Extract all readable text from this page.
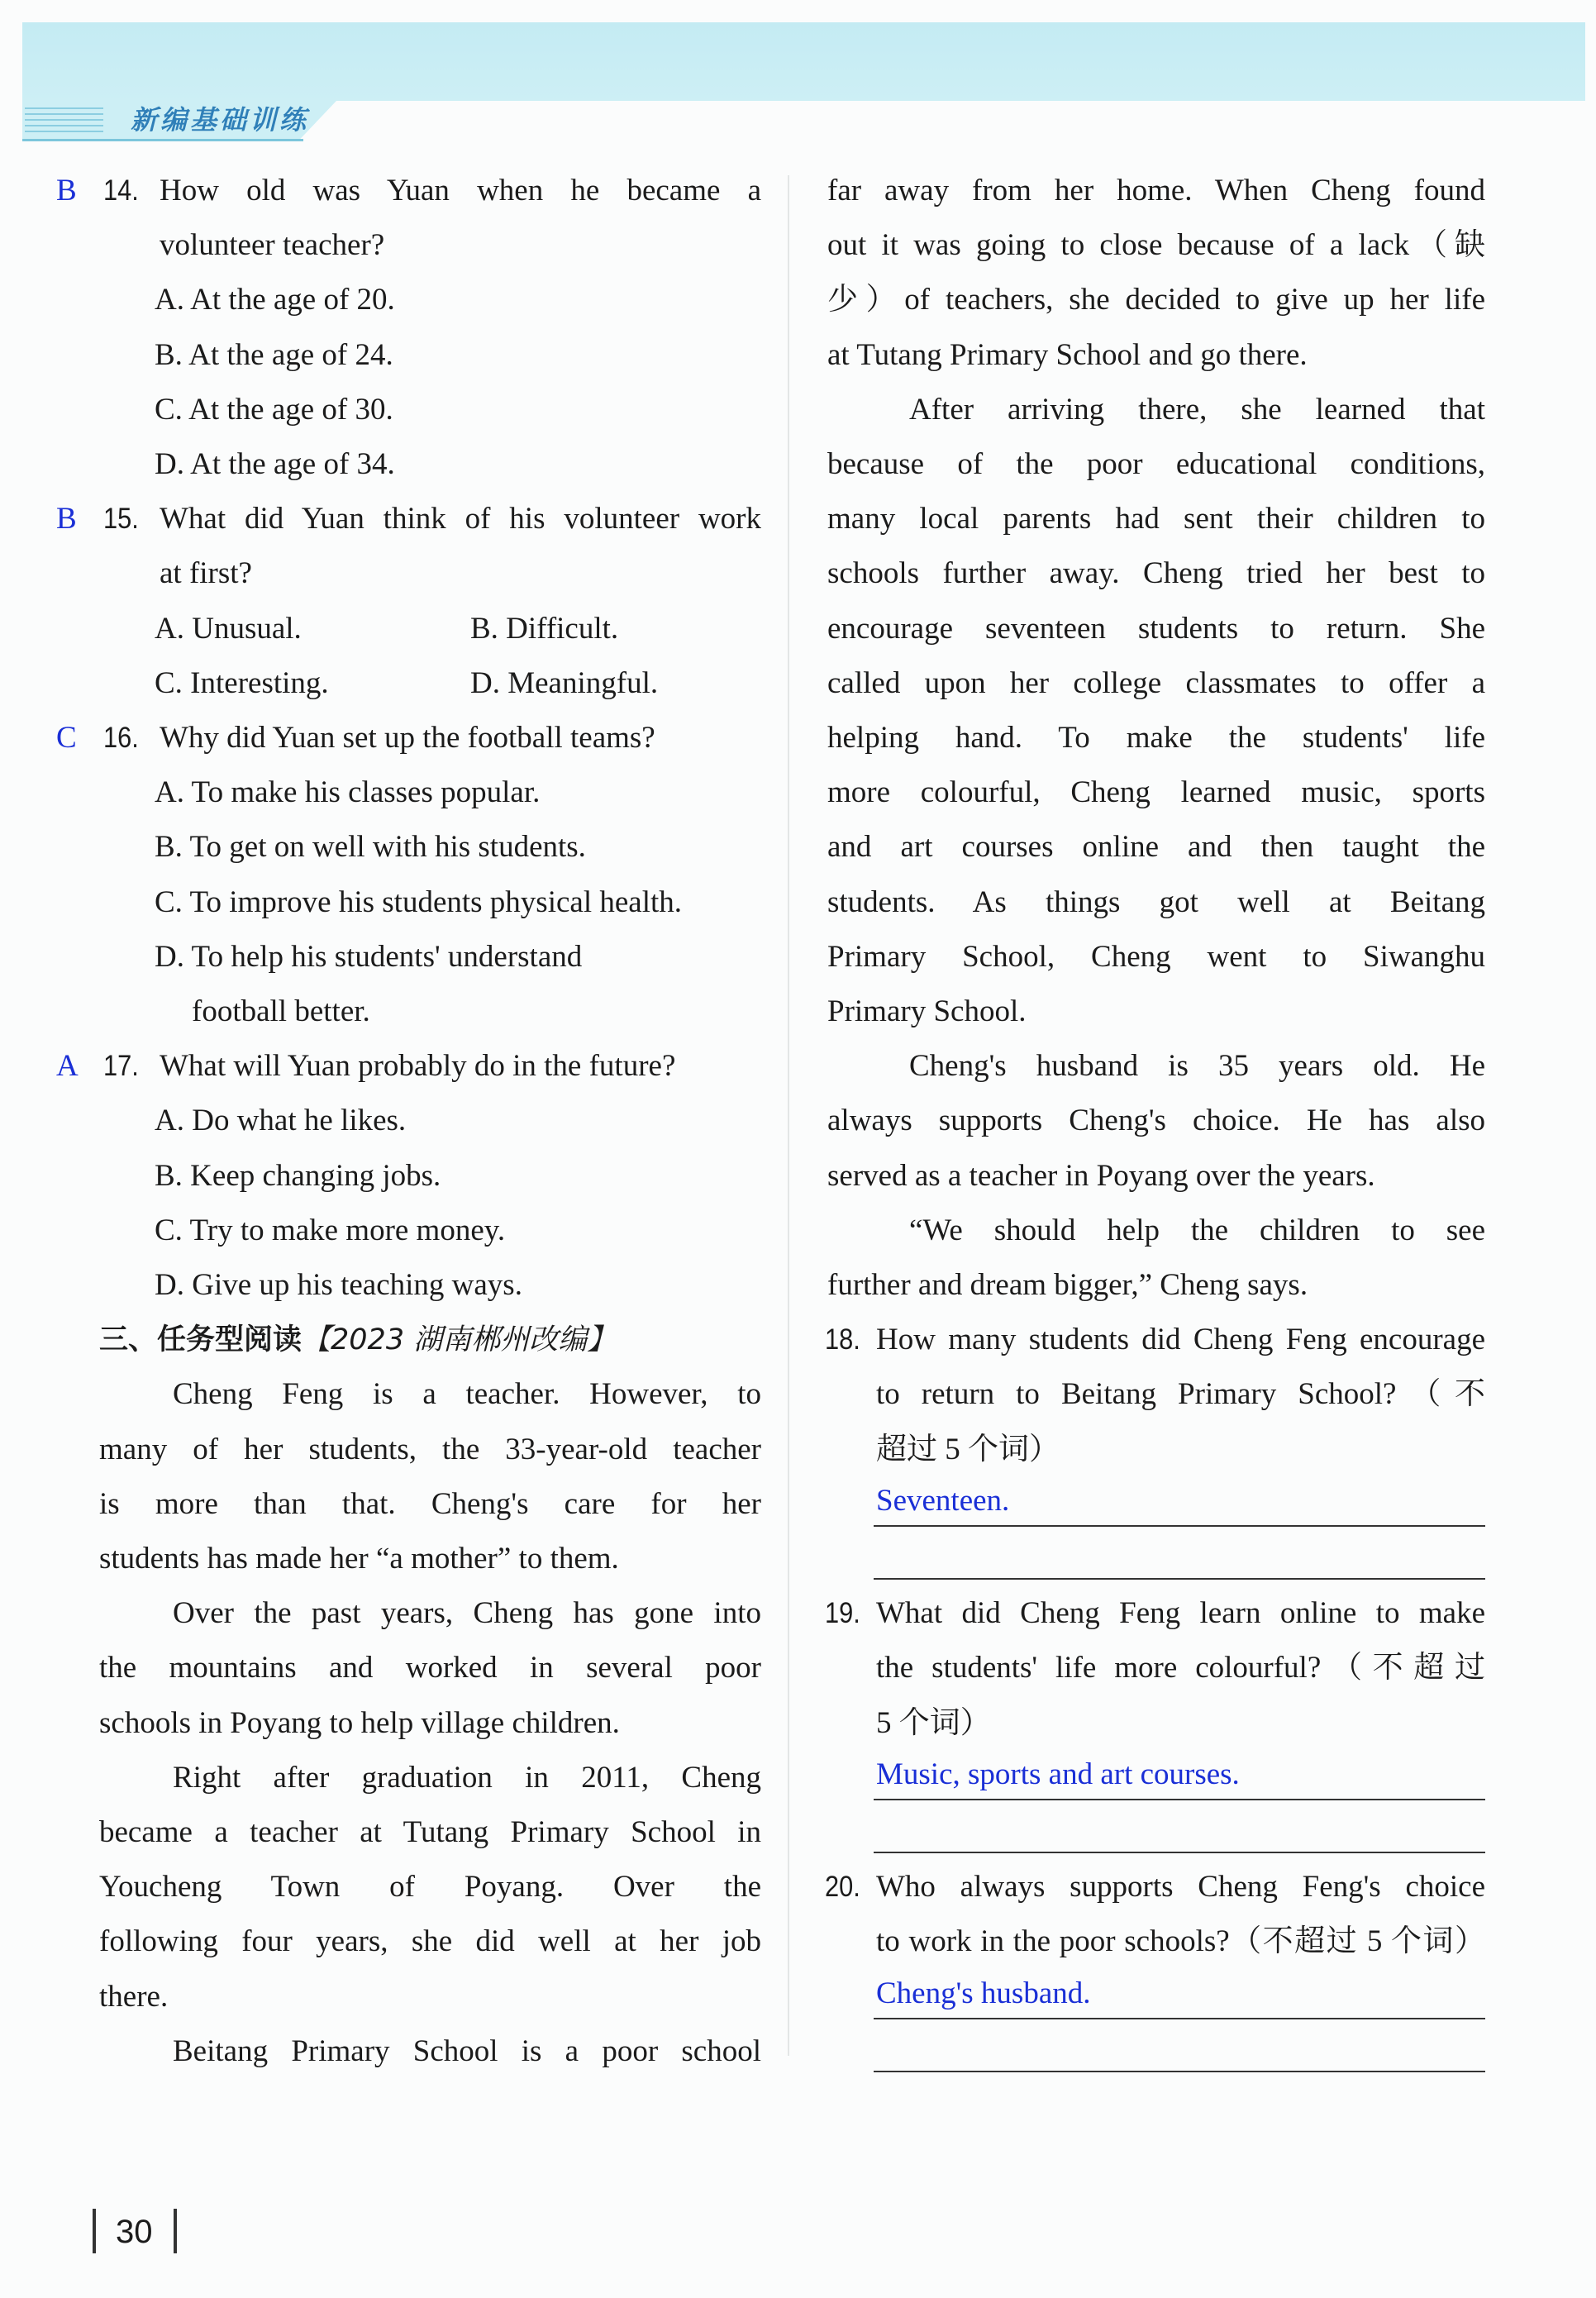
新编基础训练
30
B 14. How old was Yuan when he became a
volunteer teacher?
A. At the age of 20.
B. At the age of 24.
C. At the age of 30.
D. At the age of 34.
B 15. What did Yuan think of his volunteer work
at first?
A. Unusual.	B. Difficult.
C. Interesting.	D. Meaningful.
C 16. Why did Yuan set up the football teams?
A. To make his classes popular.
B. To get on well with his students.
C. To improve his students physical health.
D. To help his students' understand
football better.
A 17. What will Yuan probably do in the future?
A. Do what he likes.
B. Keep changing jobs.
C. Try to make more money.
D. Give up his teaching ways.
三、任务型阅读【2023 湖南郴州改编】
Cheng Feng is a teacher. However, to
many of her students, the 33-year-old teacher
is more than that. Cheng's care for her
students has made her “a mother” to them.
Over the past years, Cheng has gone into
the mountains and worked in several poor
schools in Poyang to help village children.
Right after graduation in 2011, Cheng
became a teacher at Tutang Primary School in
Youcheng Town of Poyang. Over the
following four years, she did well at her job
there.
Beitang Primary School is a poor school
far away from her home. When Cheng found
out it was going to close because of a lack（缺
少）of teachers, she decided to give up her life
at Tutang Primary School and go there.
After arriving there, she learned that
because of the poor educational conditions,
many local parents had sent their children to
schools further away. Cheng tried her best to
encourage seventeen students to return. She
called upon her college classmates to offer a
helping hand. To make the students' life
more colourful, Cheng learned music, sports
and art courses online and then taught the
students. As things got well at Beitang
Primary School, Cheng went to Siwanghu
Primary School.
Cheng's husband is 35 years old. He
always supports Cheng's choice. He has also
served as a teacher in Poyang over the years.
“We should help the children to see
further and dream bigger,” Cheng says.
18. How many students did Cheng Feng encourage
to return to Beitang Primary School?（不
超过 5 个词）
Seventeen.
19. What did Cheng Feng learn online to make
the students' life more colourful?（不超过
5 个词）
Music, sports and art courses.
20. Who always supports Cheng Feng's choice
to work in the poor schools?（不超过 5 个词）
Cheng's husband.
